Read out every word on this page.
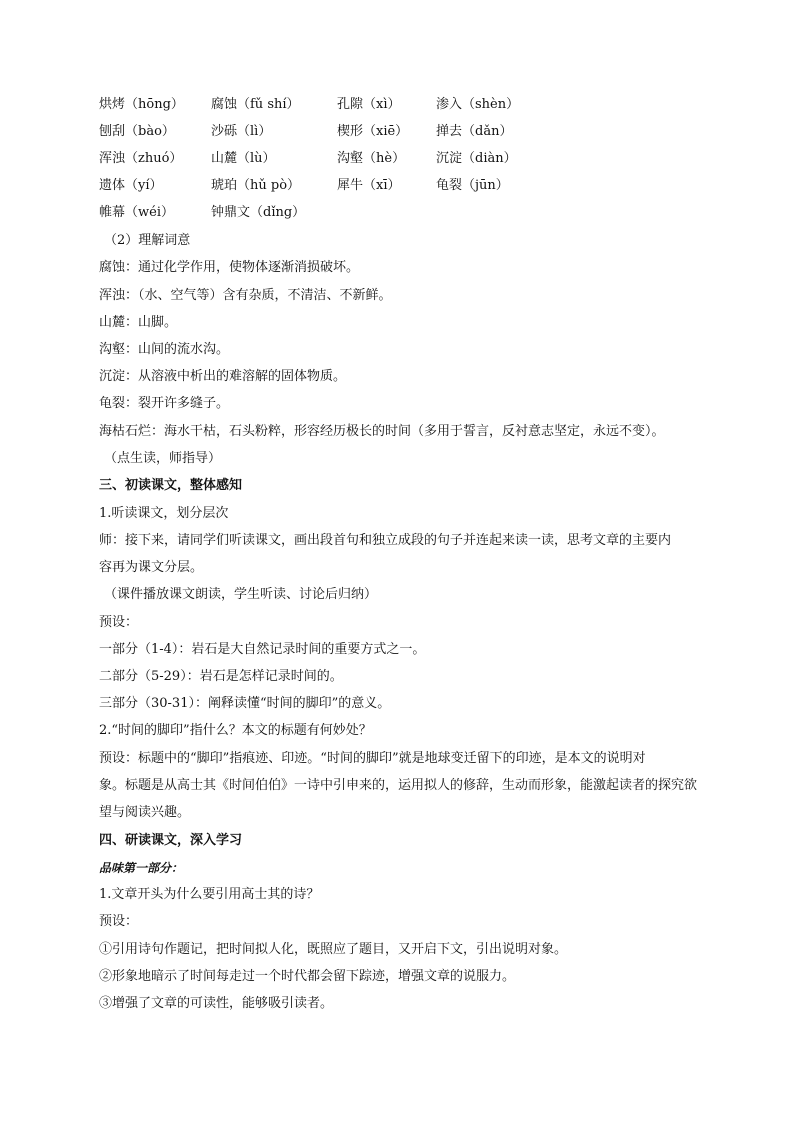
烘烤（hōng） 腐蚀（fǔ shí）	孔隙（xì）	渗入（shèn）
刨刮（bào）	沙砾（lì）	楔形（xiē） 掸去（dǎn）
浑浊（zhuó） 山麓（lù）	沟壑（hè） 沉淀（diàn）
遗体（yí）	琥珀（hǔ pò）	犀牛（xī）	龟裂（jūn）
帷幕（wéi）	钟鼎文（dǐng）
（2）理解词意
腐蚀：通过化学作用，使物体逐渐消损破坏。
浑浊：（水、空气等）含有杂质，不清洁、不新鲜。
山麓：山脚。
沟壑：山间的流水沟。
沉淀：从溶液中析出的难溶解的固体物质。
龟裂：裂开许多缝子。
海枯石烂：海水干枯，石头粉粹，形容经历极长的时间（多用于誓言，反衬意志坚定，永远不变）。
（点生读，师指导）
三、初读课文，整体感知
1.听读课文，划分层次
师：接下来，请同学们听读课文，画出段首句和独立成段的句子并连起来读一读，思考文章的主要内
容再为课文分层。
（课件播放课文朗读，学生听读、讨论后归纳）
预设：
一部分（1-4）：岩石是大自然记录时间的重要方式之一。
二部分（5-29）：岩石是怎样记录时间的。
三部分（30-31）：阐释读懂“时间的脚印”的意义。
2.“时间的脚印”指什么？本文的标题有何妙处？
预设：标题中的“脚印”指痕迹、印迹。“时间的脚印”就是地球变迁留下的印迹，是本文的说明对
象。标题是从高士其《时间伯伯》一诗中引申来的，运用拟人的修辞，生动而形象，能激起读者的探究欲
望与阅读兴趣。
四、研读课文，深入学习
品味第一部分：
1.文章开头为什么要引用高士其的诗？
预设：
①引用诗句作题记，把时间拟人化，既照应了题目，又开启下文，引出说明对象。
②形象地暗示了时间每走过一个时代都会留下踪迹，增强文章的说服力。
③增强了文章的可读性，能够吸引读者。
